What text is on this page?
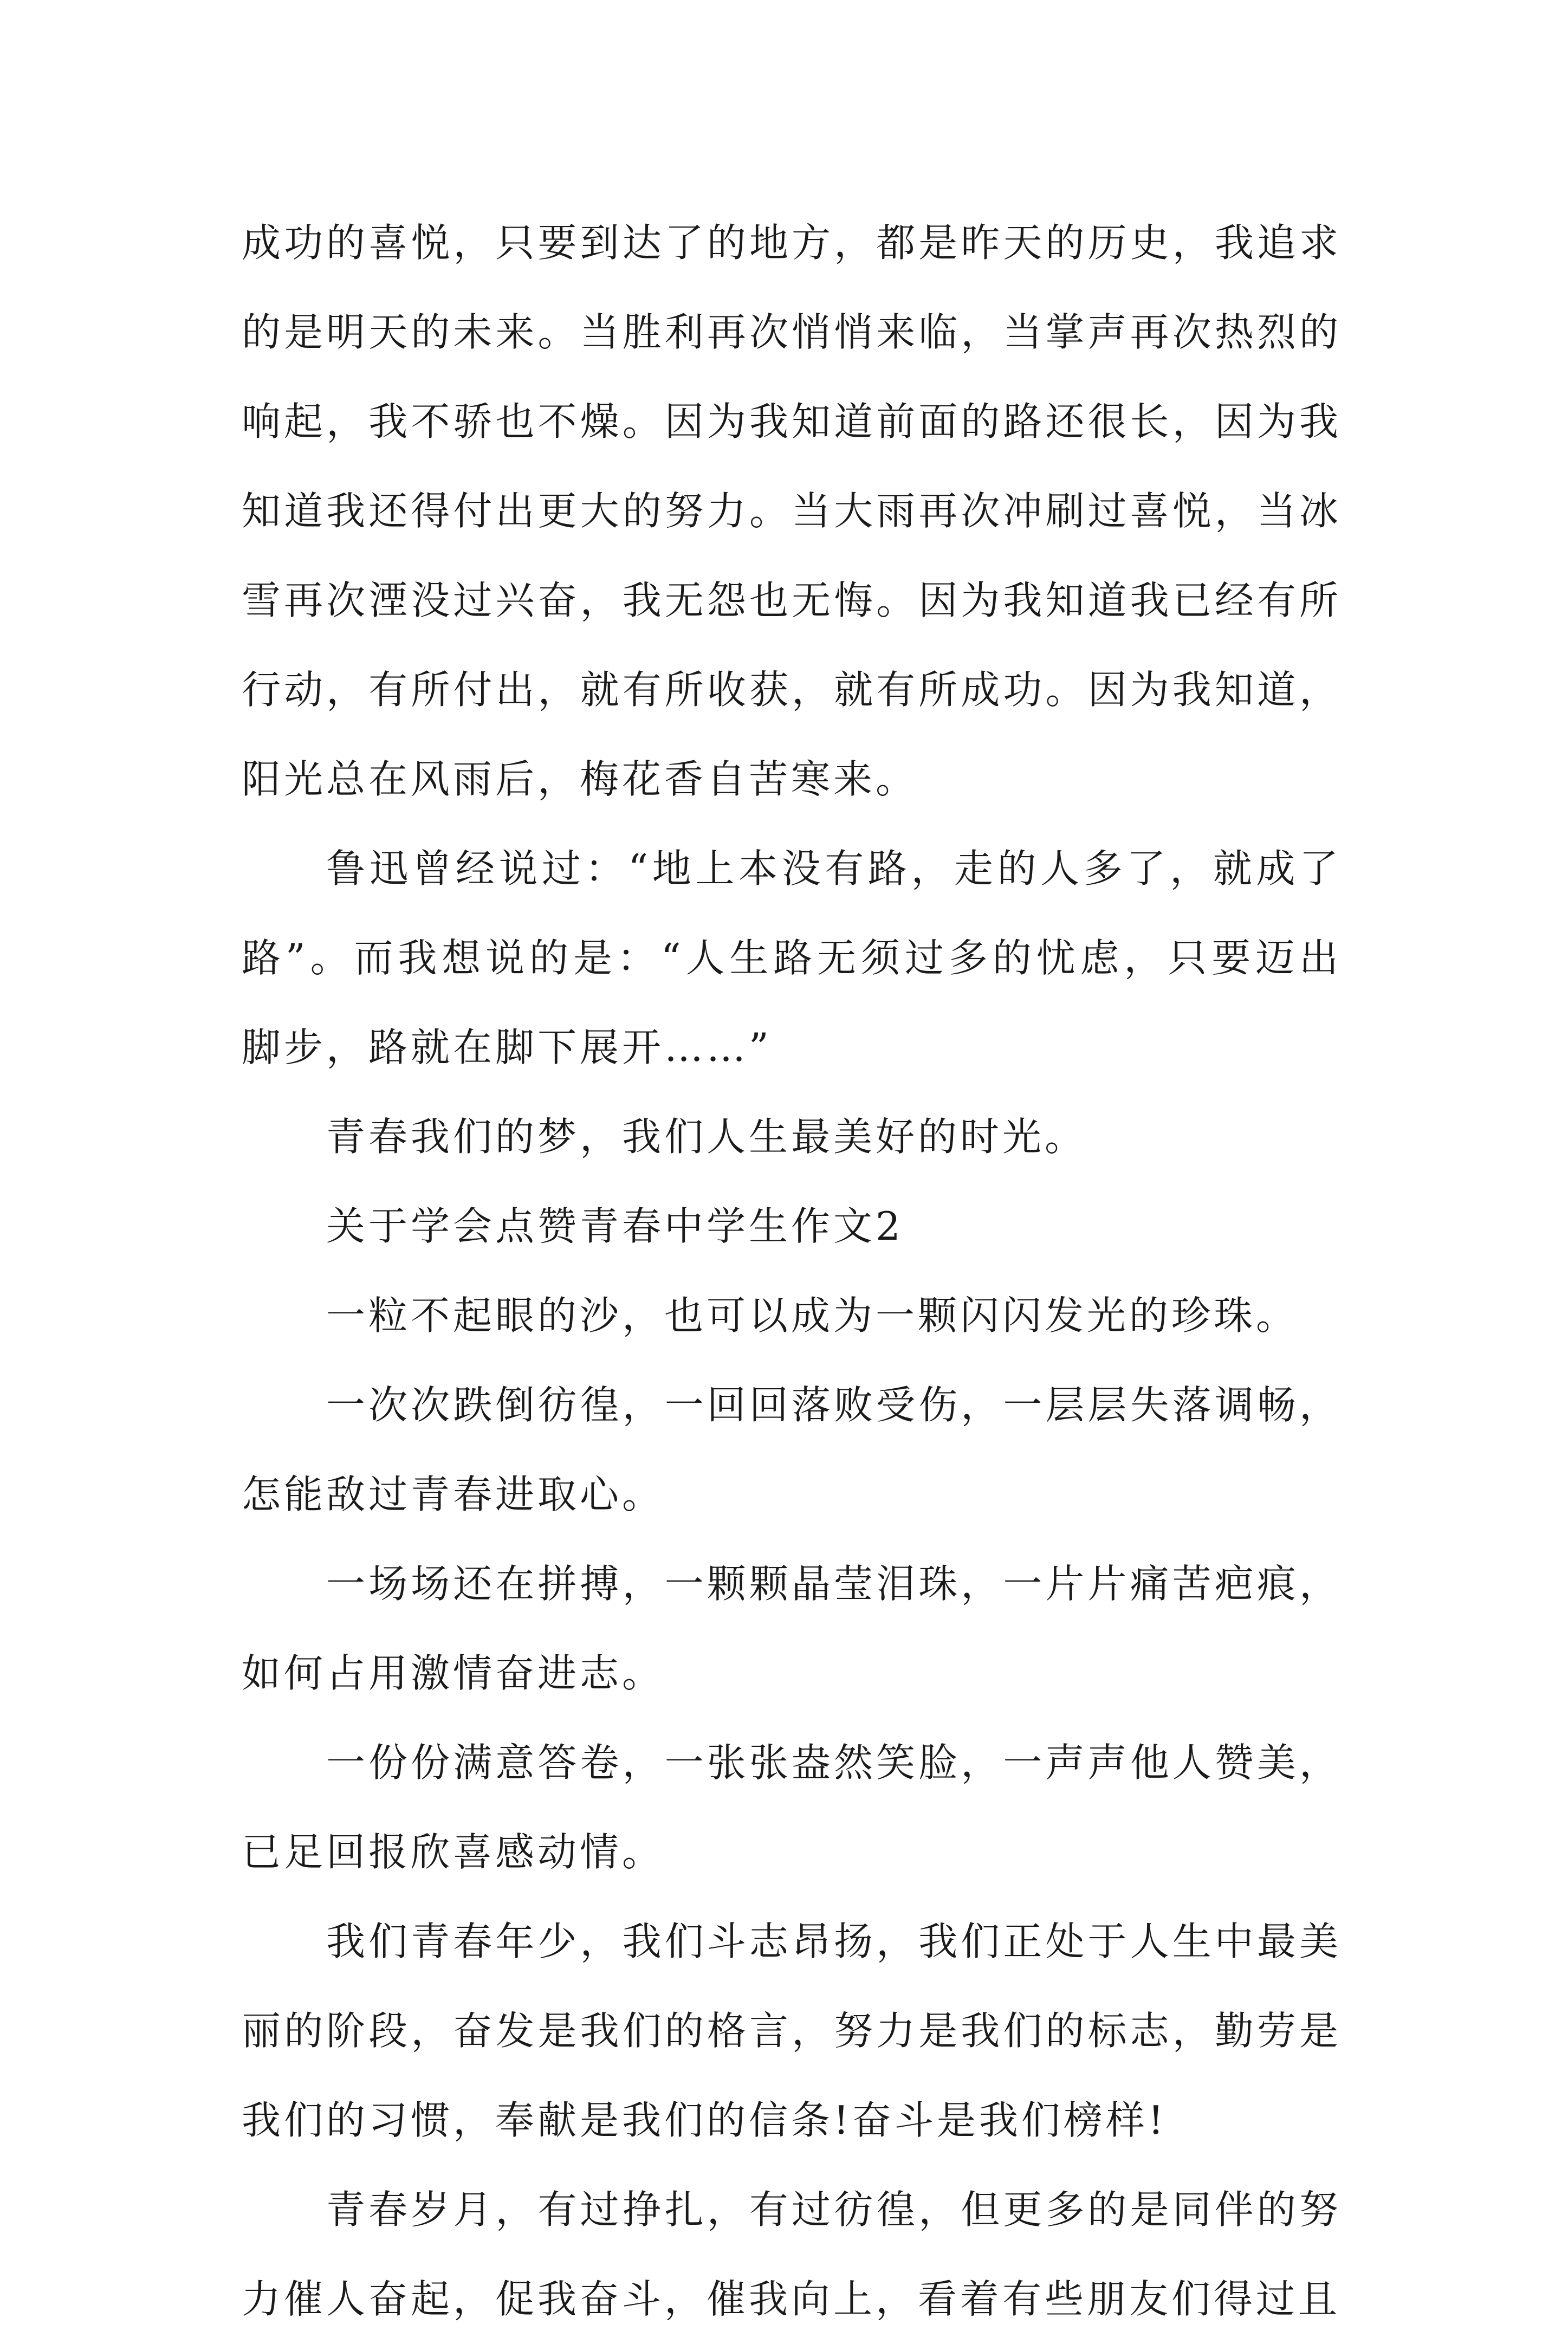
成功的喜悦，只要到达了的地方，都是昨天的历史，我追求的是明天的未来。当胜利再次悄悄来临，当掌声再次热烈的响起，我不骄也不燥。因为我知道前面的路还很长，因为我知道我还得付出更大的努力。当大雨再次冲刷过喜悦，当冰雪再次湮没过兴奋，我无怨也无悔。因为我知道我已经有所行动，有所付出，就有所收获，就有所成功。因为我知道，阳光总在风雨后，梅花香自苦寒来。

鲁迅曾经说过：“地上本没有路，走的人多了，就成了路”。而我想说的是：“人生路无须过多的忧虑，只要迈出脚步，路就在脚下展开……”

青春我们的梦，我们人生最美好的时光。

关于学会点赞青春中学生作文2

一粒不起眼的沙，也可以成为一颗闪闪发光的珍珠。

一次次跌倒彷徨，一回回落败受伤，一层层失落调畅，怎能敌过青春进取心。

一场场还在拼搏，一颗颗晶莹泪珠，一片片痛苦疤痕，如何占用激情奋进志。

一份份满意答卷，一张张盎然笑脸，一声声他人赞美，已足回报欣喜感动情。

我们青春年少，我们斗志昂扬，我们正处于人生中最美丽的阶段，奋发是我们的格言，努力是我们的标志，勤劳是我们的习惯，奉献是我们的信条!奋斗是我们榜样!

青春岁月，有过挣扎，有过彷徨，但更多的是同伴的努力催人奋起，促我奋斗，催我向上，看着有些朋友们得过且
